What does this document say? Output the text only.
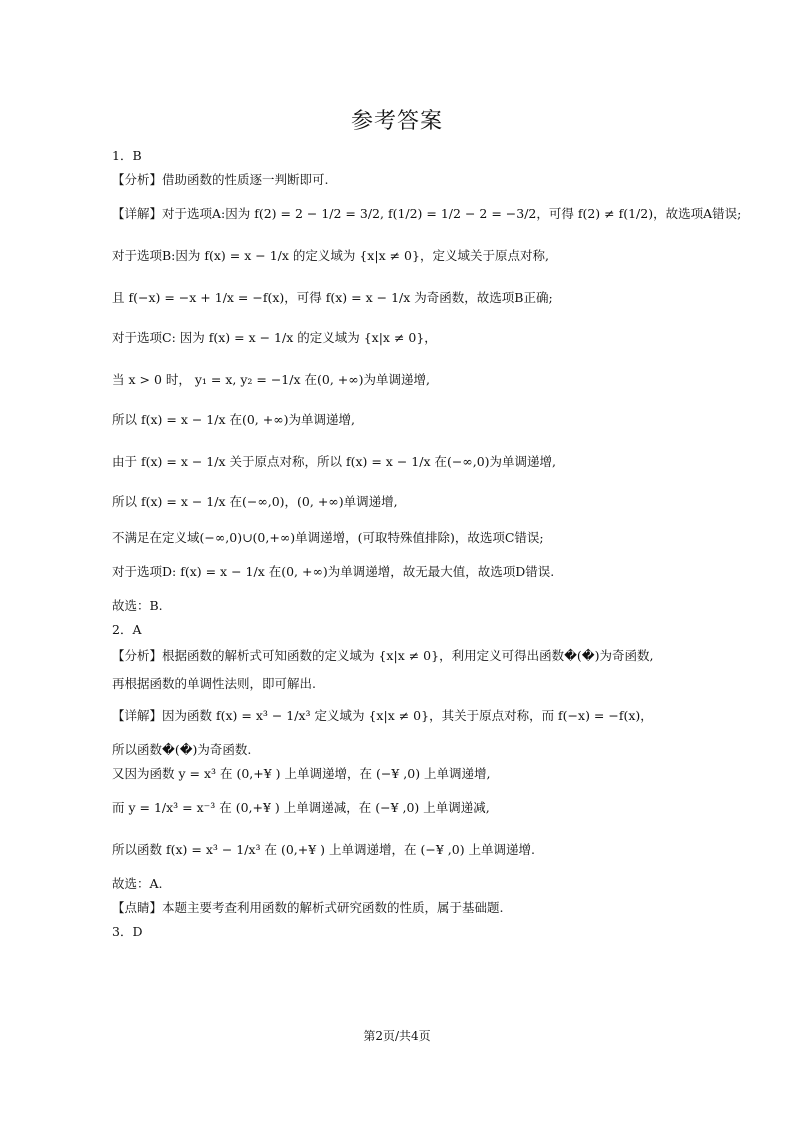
参考答案
1．B
【分析】借助函数的性质逐一判断即可.
【详解】对于选项A:因为 f(2) = 2 − 1/2 = 3/2, f(1/2) = 1/2 − 2 = −3/2，可得 f(2) ≠ f(1/2)，故选项A错误;
对于选项B:因为 f(x) = x − 1/x 的定义域为 {x|x ≠ 0}，定义域关于原点对称,
且 f(−x) = −x + 1/x = −f(x)，可得 f(x) = x − 1/x 为奇函数，故选项B正确;
对于选项C: 因为 f(x) = x − 1/x 的定义域为 {x|x ≠ 0}，
当 x > 0 时， y₁ = x, y₂ = −1/x 在(0, +∞)为单调递增,
所以 f(x) = x − 1/x 在(0, +∞)为单调递增,
由于 f(x) = x − 1/x 关于原点对称，所以 f(x) = x − 1/x 在(−∞,0)为单调递增,
所以 f(x) = x − 1/x 在(−∞,0)，(0, +∞)单调递增,
不满足在定义域(−∞,0)∪(0,+∞)单调递增，(可取特殊值排除)，故选项C错误;
对于选项D: f(x) = x − 1/x 在(0, +∞)为单调递增，故无最大值，故选项D错误.
故选：B.
2．A
【分析】根据函数的解析式可知函数的定义域为 {x|x ≠ 0}，利用定义可得出函数�(�)为奇函数,
再根据函数的单调性法则，即可解出.
【详解】因为函数 f(x) = x³ − 1/x³ 定义域为 {x|x ≠ 0}，其关于原点对称，而 f(−x) = −f(x)，
所以函数�(�)为奇函数.
又因为函数 y = x³ 在 (0,+¥ ) 上单调递增，在 (−¥ ,0) 上单调递增,
而 y = 1/x³ = x⁻³ 在 (0,+¥ ) 上单调递减，在 (−¥ ,0) 上单调递减,
所以函数 f(x) = x³ − 1/x³ 在 (0,+¥ ) 上单调递增，在 (−¥ ,0) 上单调递增.
故选：A.
【点睛】本题主要考查利用函数的解析式研究函数的性质，属于基础题.
3．D
第2页/共4页
